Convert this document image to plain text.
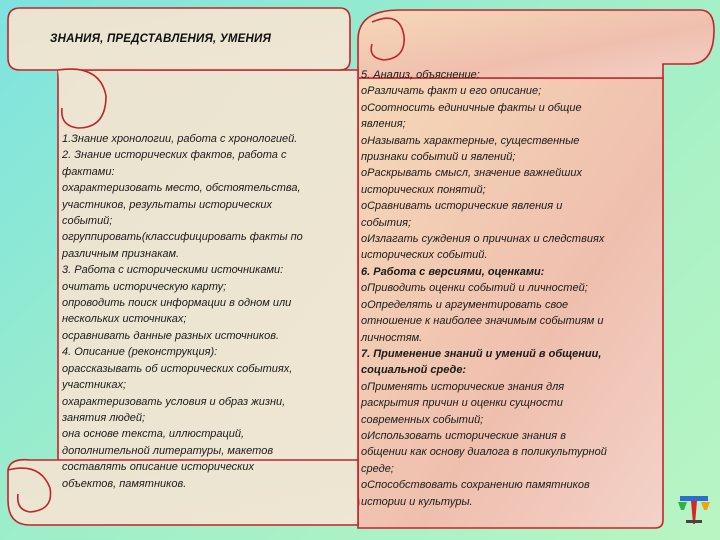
ЗНАНИЯ, ПРЕДСТАВЛЕНИЯ, УМЕНИЯ
1.Знание хронологии, работа с хронологией.
2. Знание исторических фактов, работа с
фактами:
oхарактеризовать место, обстоятельства,
участников, результаты исторических
событий;
oгруппировать(классифицировать факты по
различным признакам.
3. Работа с историческими источниками:
oчитать историческую карту;
oпроводить поиск информации в одном или
нескольких источниках;
oсравнивать данные разных источников.
4. Описание (реконструкция):
oрассказывать об исторических событиях,
участниках;
oхарактеризовать условия и образ жизни,
занятия людей;
oна основе текста, иллюстраций,
дополнительной литературы, макетов
составлять описание исторических
объектов, памятников.
5. Анализ, объяснение:
oРазличать факт и его описание;
oСоотносить единичные факты и общие
явления;
oНазывать характерные, существенные
признаки событий и явлений;
oРаскрывать смысл, значение важнейших
исторических понятий;
oСравнивать исторические явления и
события;
oИзлагать суждения о причинах и следствиях
исторических событий.
6. Работа с версиями, оценками:
oПриводить оценки событий и личностей;
oОпределять и аргументировать свое
отношение к наиболее значимым событиям и
личностям.
7. Применение знаний и умений в общении,
социальной среде:
oПрименять исторические знания для
раскрытия причин и оценки сущности
современных событий;
oИспользовать исторические знания в
общении как основу диалога в поликультурной
среде;
oСпособствовать сохранению памятников
истории и культуры.
